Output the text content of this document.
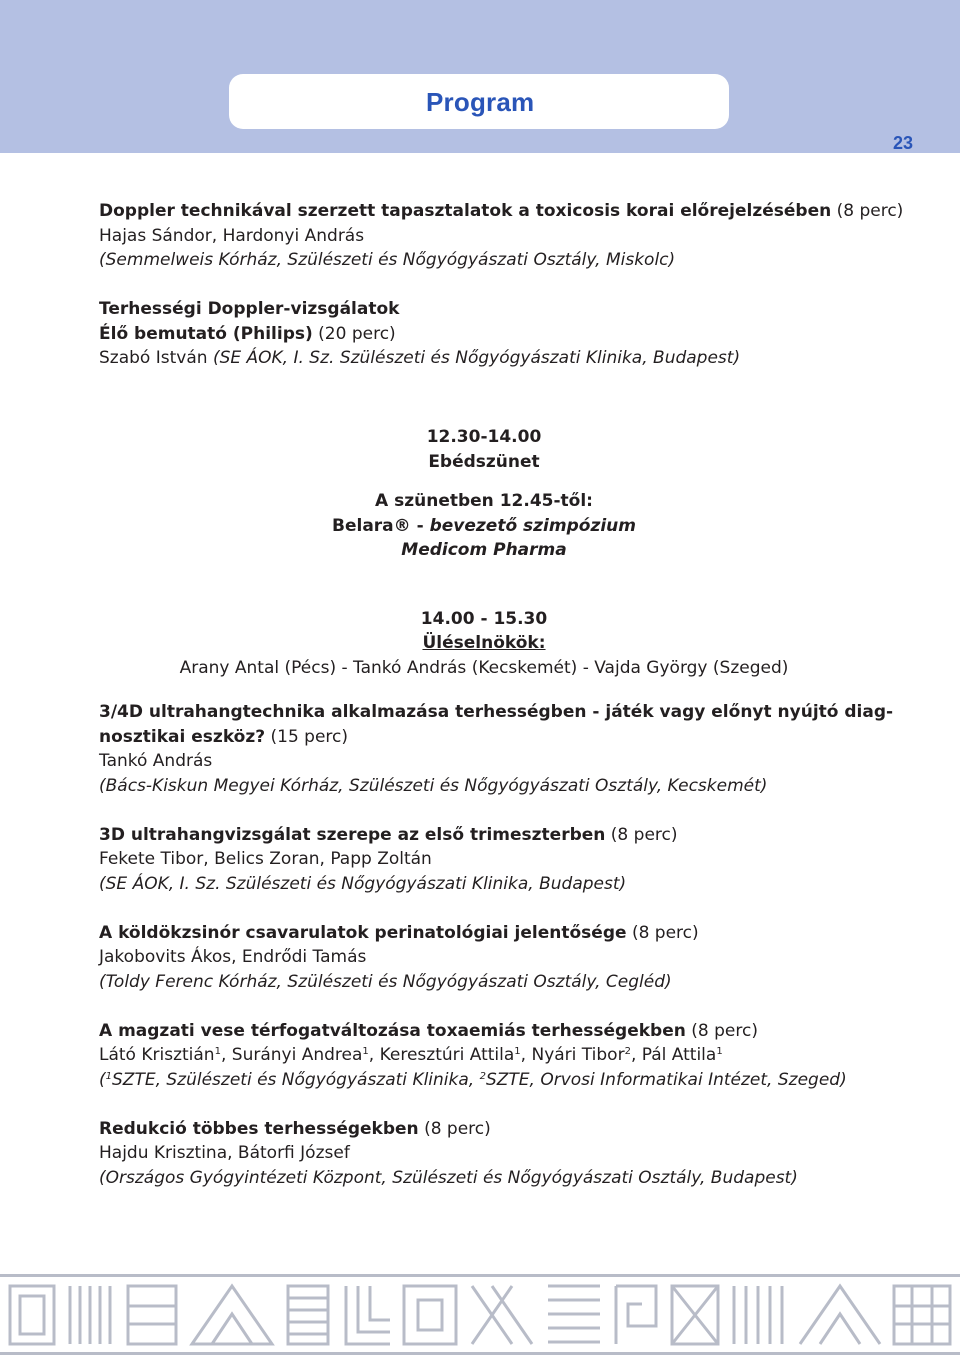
Program
23
Doppler technikával szerzett tapasztalatok a toxicosis korai előrejelzésében (8 perc)
Hajas Sándor, Hardonyi András
(Semmelweis Kórház, Szülészeti és Nőgyógyászati Osztály, Miskolc)
Terhességi Doppler-vizsgálatok
Élő bemutató (Philips) (20 perc)
Szabó István (SE ÁOK, I. Sz. Szülészeti és Nőgyógyászati Klinika, Budapest)
12.30-14.00
Ebédszünet
A szünetben 12.45-től:
Belara® - bevezető szimpózium
Medicom Pharma
14.00 - 15.30
Üléselnökök:
Arany Antal (Pécs) - Tankó András (Kecskemét) - Vajda György (Szeged)
3/4D ultrahangtechnika alkalmazása terhességben - játék vagy előnyt nyújtó diag-
nosztikai eszköz? (15 perc)
Tankó András
(Bács-Kiskun Megyei Kórház, Szülészeti és Nőgyógyászati Osztály, Kecskemét)
3D ultrahangvizsgálat szerepe az első trimeszterben (8 perc)
Fekete Tibor, Belics Zoran, Papp Zoltán
(SE ÁOK, I. Sz. Szülészeti és Nőgyógyászati Klinika, Budapest)
A köldökzsinór csavarulatok perinatológiai jelentősége (8 perc)
Jakobovits Ákos, Endrődi Tamás
(Toldy Ferenc Kórház, Szülészeti és Nőgyógyászati Osztály, Cegléd)
A magzati vese térfogatváltozása toxaemiás terhességekben (8 perc)
Látó Krisztián$^1$, Surányi Andrea$^1$, Keresztúri Attila$^1$, Nyári Tibor$^2$, Pál Attila$^1$
($^1$SZTE, Szülészeti és Nőgyógyászati Klinika, $^2$SZTE, Orvosi Informatikai Intézet, Szeged)
Redukció többes terhességekben (8 perc)
Hajdu Krisztina, Bátorfi József
(Országos Gyógyintézeti Központ, Szülészeti és Nőgyógyászati Osztály, Budapest)
